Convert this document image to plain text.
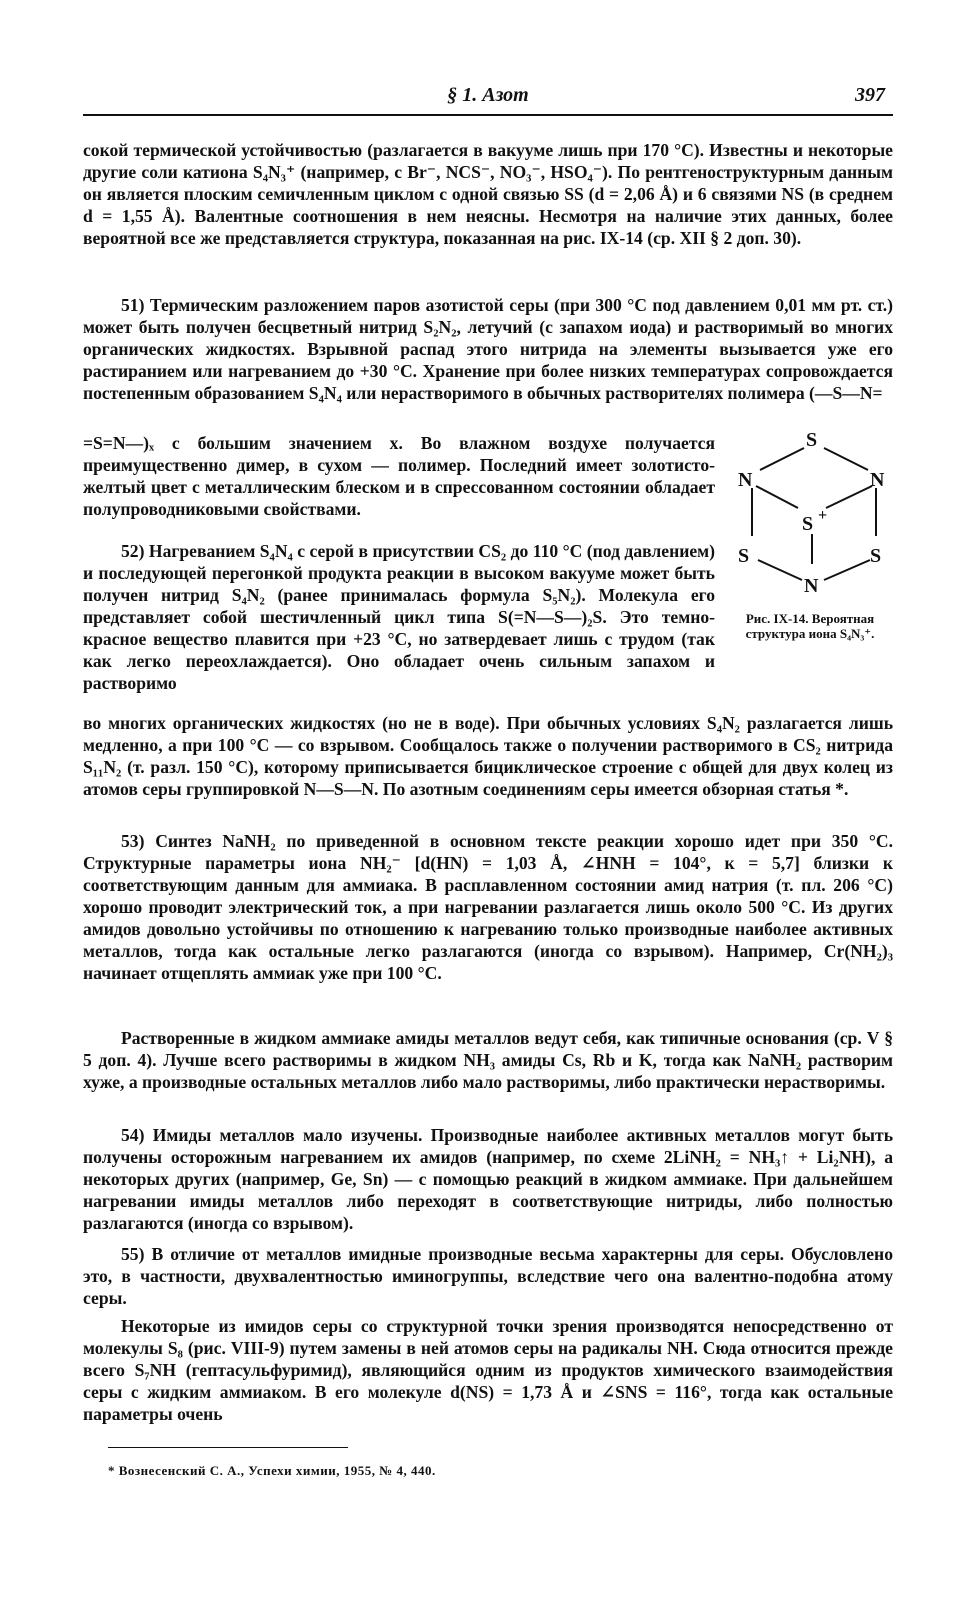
§ 1. Азот	397
сокой термической устойчивостью (разлагается в вакууме лишь при 170 °С). Известны и некоторые другие соли катиона S₄N₃⁺ (например, с Br⁻, NCS⁻, NO₃⁻, HSO₄⁻). По рентгеноструктурным данным он является плоским семичленным циклом с одной связью SS (d = 2,06 Å) и 6 связями NS (в среднем d = 1,55 Å). Валентные соотношения в нем неясны. Несмотря на наличие этих данных, более вероятной все же представляется структура, показанная на рис. IX-14 (ср. XII § 2 доп. 30).
51) Термическим разложением паров азотистой серы (при 300 °С под давлением 0,01 мм рт. ст.) может быть получен бесцветный нитрид S₂N₂, летучий (с запахом иода) и растворимый во многих органических жидкостях. Взрывной распад этого нитрида на элементы вызывается уже его растиранием или нагреванием до +30 °С. Хранение при более низких температурах сопровождается постепенным образованием S₄N₄ или нерастворимого в обычных растворителях полимера (—S—N=
=S=N—)ₓ с большим значением x. Во влажном воздухе получается преимущественно димер, в сухом — полимер. Последний имеет золотисто-желтый цвет с металлическим блеском и в спрессованном состоянии обладает полупроводниковыми свойствами.
52) Нагреванием S₄N₄ с серой в присутствии CS₂ до 110 °С (под давлением) и последующей перегонкой продукта реакции в высоком вакууме может быть получен нитрид S₄N₂ (ранее принималась формула S₅N₂). Молекула его представляет собой шестичленный цикл типа S(=N—S—)₂S. Это темно-красное вещество плавится при +23 °С, но затвердевает лишь с трудом (так как легко переохлаждается). Оно обладает очень сильным запахом и растворимо
во многих органических жидкостях (но не в воде). При обычных условиях S₄N₂ разлагается лишь медленно, а при 100 °С — со взрывом. Сообщалось также о получении растворимого в CS₂ нитрида S₁₁N₂ (т. разл. 150 °С), которому приписывается бициклическое строение с общей для двух колец из атомов серы группировкой N—S—N. По азотным соединениям серы имеется обзорная статья *.
53) Синтез NaNH₂ по приведенной в основном тексте реакции хорошо идет при 350 °С. Структурные параметры иона NH₂⁻ [d(HN) = 1,03 Å, ∠HNH = 104°, к = 5,7] близки к соответствующим данным для аммиака. В расплавленном состоянии амид натрия (т. пл. 206 °С) хорошо проводит электрический ток, а при нагревании разлагается лишь около 500 °С. Из других амидов довольно устойчивы по отношению к нагреванию только производные наиболее активных металлов, тогда как остальные легко разлагаются (иногда со взрывом). Например, Cr(NH₂)₃ начинает отщеплять аммиак уже при 100 °С.
Растворенные в жидком аммиаке амиды металлов ведут себя, как типичные основания (ср. V § 5 доп. 4). Лучше всего растворимы в жидком NH₃ амиды Cs, Rb и K, тогда как NaNH₂ растворим хуже, а производные остальных металлов либо мало растворимы, либо практически нерастворимы.
54) Имиды металлов мало изучены. Производные наиболее активных металлов могут быть получены осторожным нагреванием их амидов (например, по схеме 2LiNH₂ = NH₃↑ + Li₂NH), а некоторых других (например, Ge, Sn) — с помощью реакций в жидком аммиаке. При дальнейшем нагревании имиды металлов либо переходят в соответствующие нитриды, либо полностью разлагаются (иногда со взрывом).
55) В отличие от металлов имидные производные весьма характерны для серы. Обусловлено это, в частности, двухвалентностью иминогруппы, вследствие чего она валентно-подобна атому серы.
Некоторые из имидов серы со структурной точки зрения производятся непосредственно от молекулы S₈ (рис. VIII-9) путем замены в ней атомов серы на радикалы NH. Сюда относится прежде всего S₇NH (гептасульфуримид), являющийся одним из продуктов химического взаимодействия серы с жидким аммиаком. В его молекуле d(NS) = 1,73 Å и ∠SNS = 116°, тогда как остальные параметры очень
S
N	N
S +
S	S
N
Рис. IX-14. Вероятная структура иона S₄N₃⁺.
* Вознесенский С. А., Успехи химии, 1955, № 4, 440.
